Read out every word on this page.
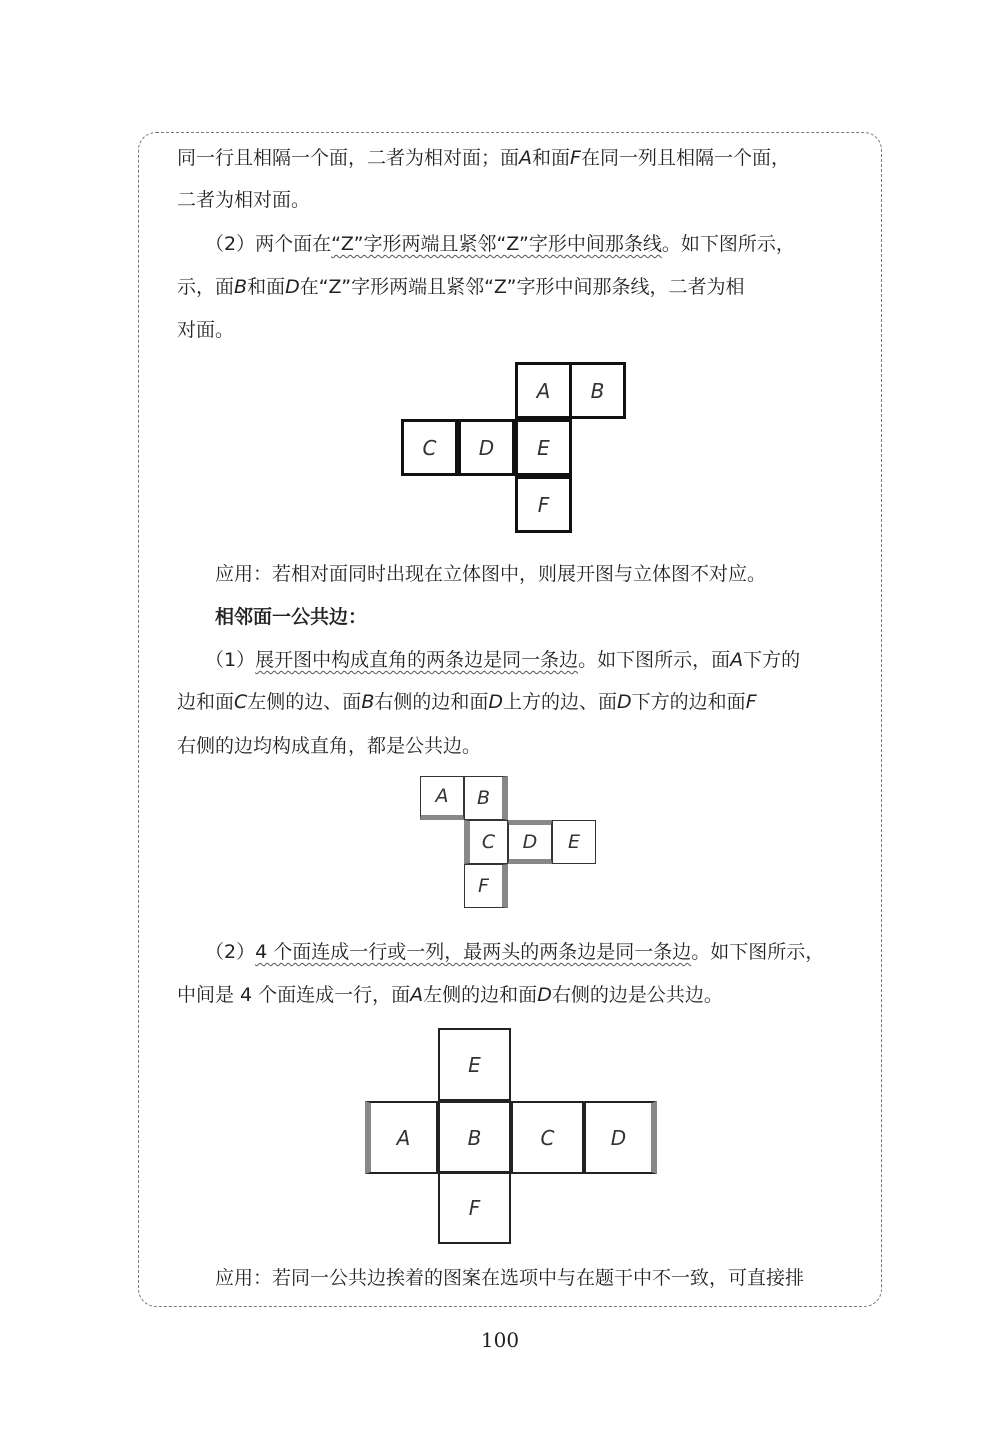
同一行且相隔一个面，二者为相对面；面A和面F在同一列且相隔一个面，

二者为相对面。

（2）两个面在“Z”字形两端且紧邻“Z”字形中间那条线。如下图所示，

示，面B和面D在“Z”字形两端且紧邻“Z”字形中间那条线，二者为相

对面。

A	B
C	D	E
F

应用：若相对面同时出现在立体图中，则展开图与立体图不对应。

相邻面一公共边：

（1）展开图中构成直角的两条边是同一条边。如下图所示，面A下方的

边和面C左侧的边、面B右侧的边和面D上方的边、面D下方的边和面F

右侧的边均构成直角，都是公共边。

A	B
C	D	E
F

（2）4 个面连成一行或一列，最两头的两条边是同一条边。如下图所示，

中间是 4 个面连成一行，面A左侧的边和面D右侧的边是公共边。

E
A	B	C	D
F

应用：若同一公共边挨着的图案在选项中与在题干中不一致，可直接排

100
